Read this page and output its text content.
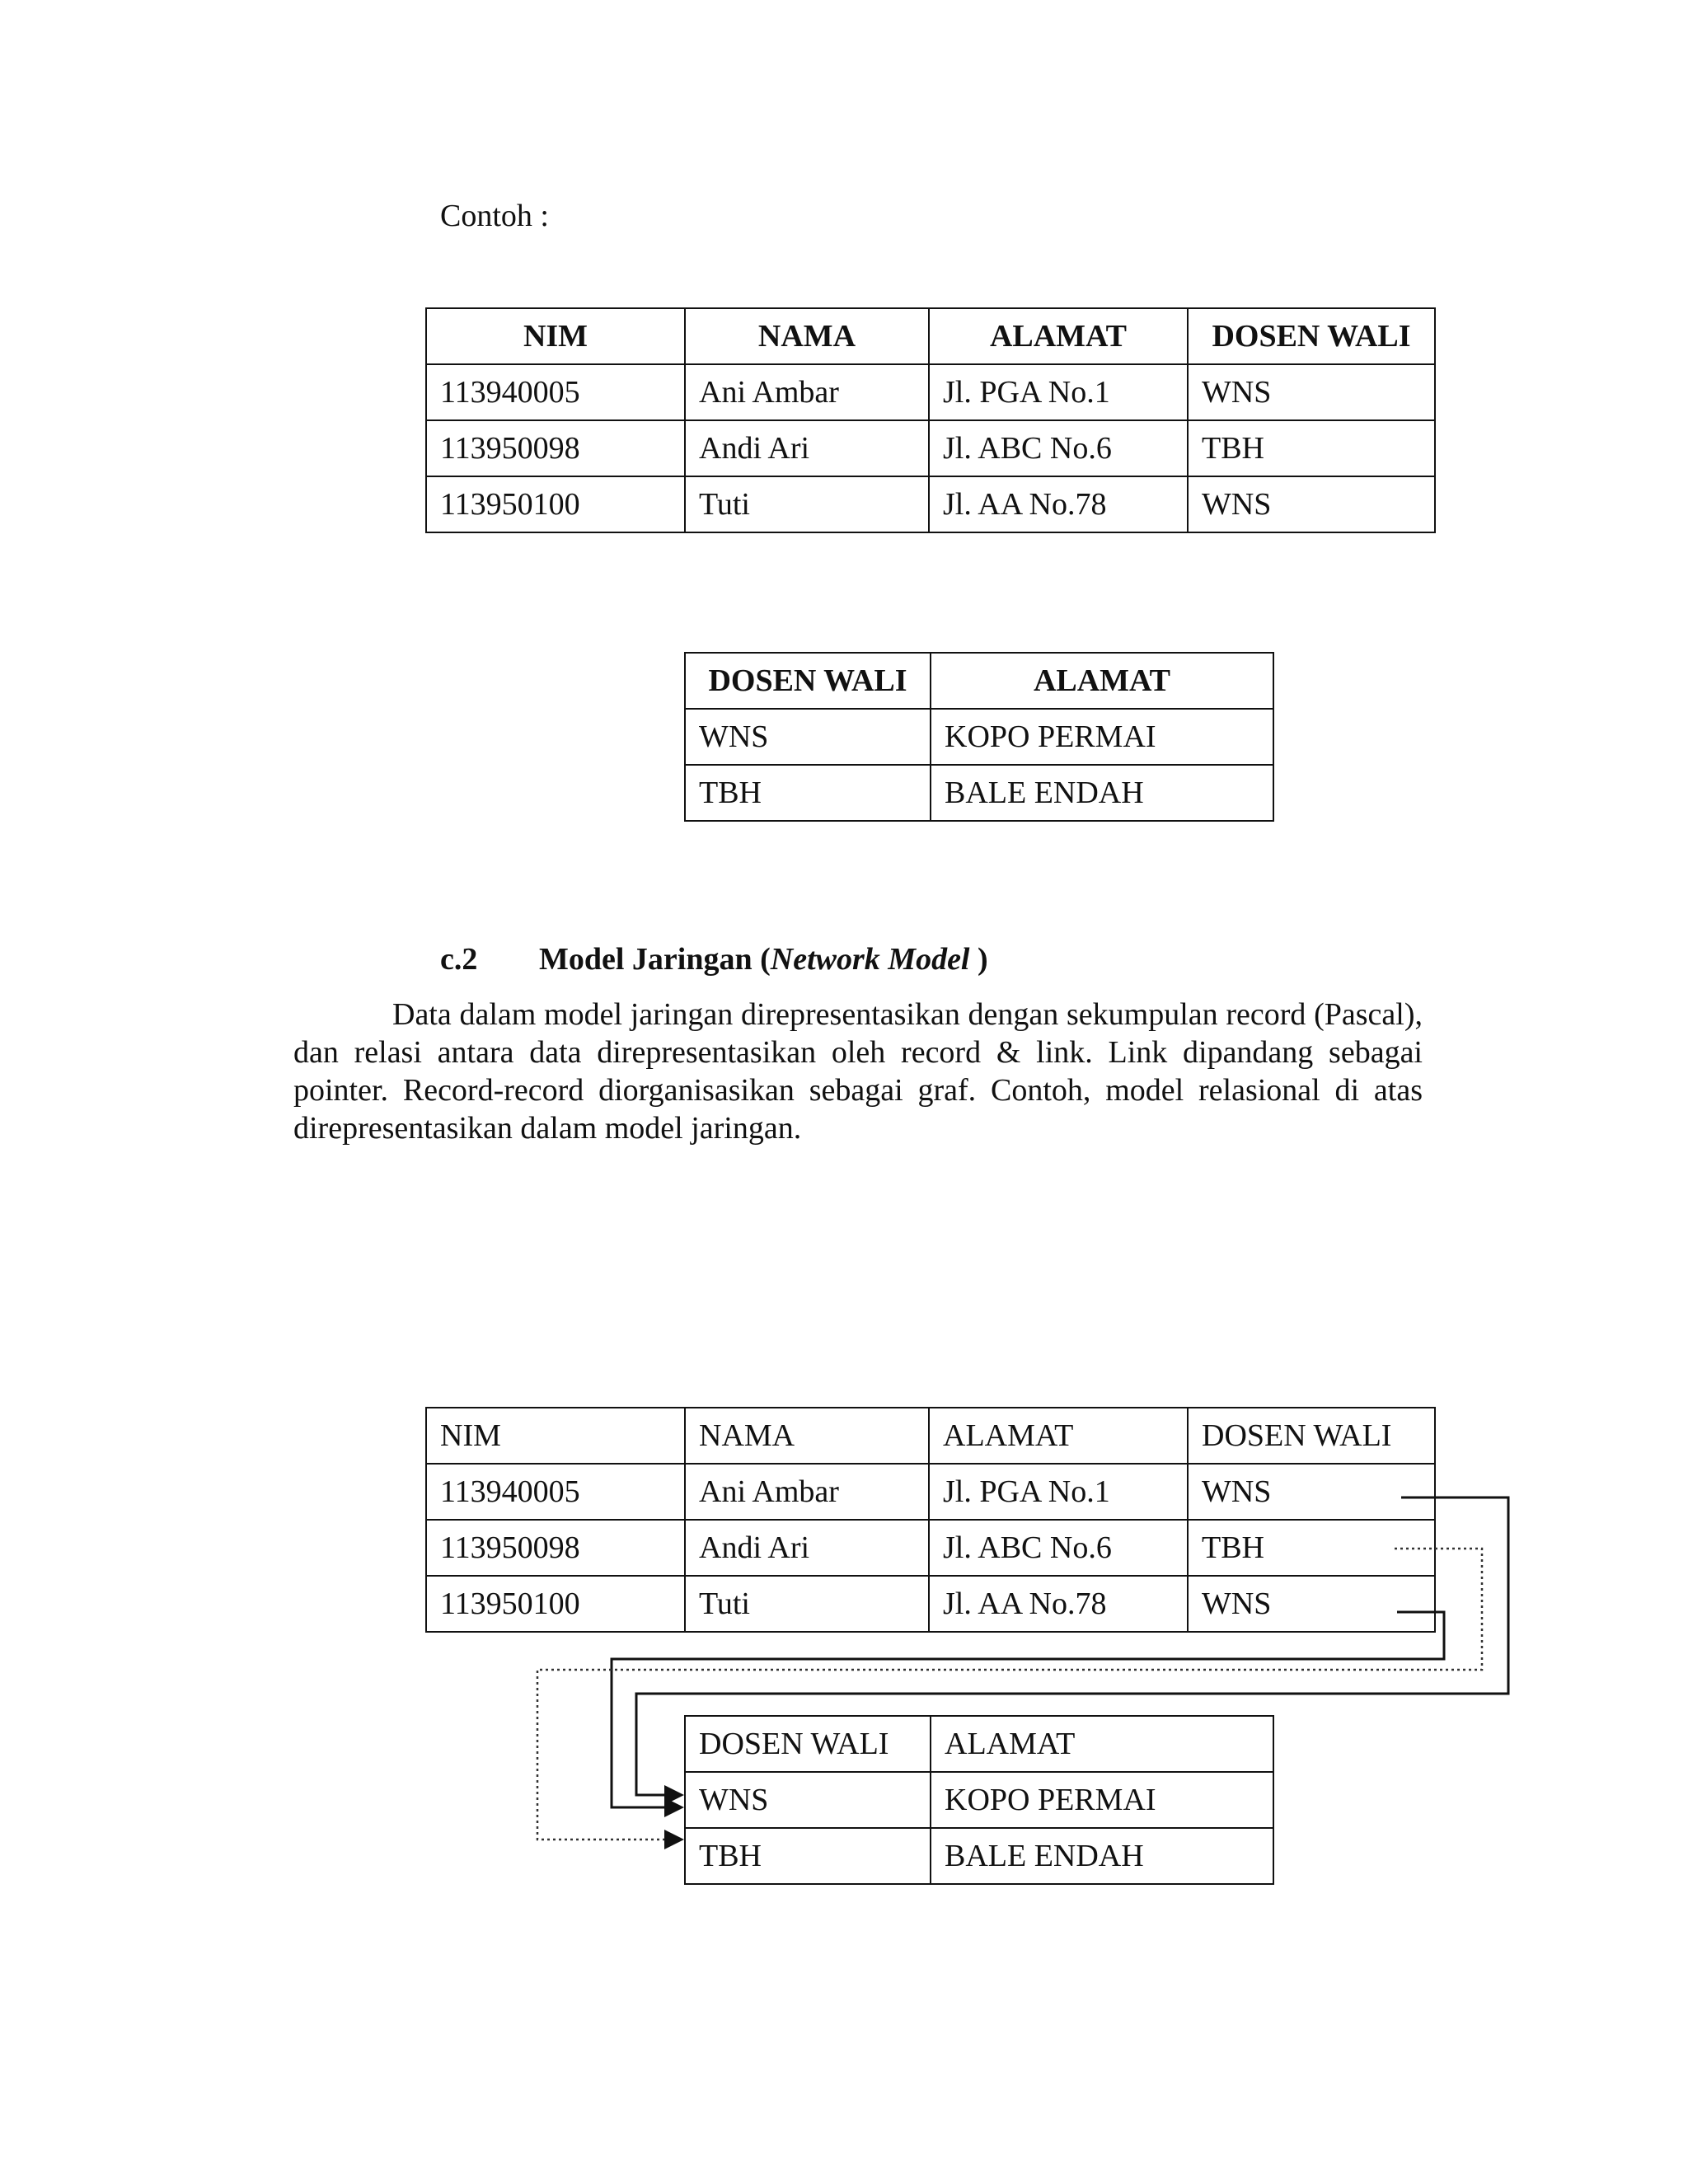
Contoh :
NIM	NAMA	ALAMAT	DOSEN WALI
113940005	Ani Ambar	Jl. PGA No.1	WNS
113950098	Andi Ari	Jl. ABC No.6	TBH
113950100	Tuti	Jl. AA No.78	WNS
DOSEN WALI	ALAMAT
WNS	KOPO PERMAI
TBH	BALE ENDAH
c.2 Model Jaringan (Network Model )
Data dalam model jaringan direpresentasikan dengan sekumpulan record (Pascal), dan relasi antara data direpresentasikan oleh record & link. Link dipandang sebagai pointer. Record-record diorganisasikan sebagai graf. Contoh, model relasional di atas direpresentasikan dalam model jaringan.
NIM	NAMA	ALAMAT	DOSEN WALI
113940005	Ani Ambar	Jl. PGA No.1	WNS
113950098	Andi Ari	Jl. ABC No.6	TBH
113950100	Tuti	Jl. AA No.78	WNS
DOSEN WALI	ALAMAT
WNS	KOPO PERMAI
TBH	BALE ENDAH
